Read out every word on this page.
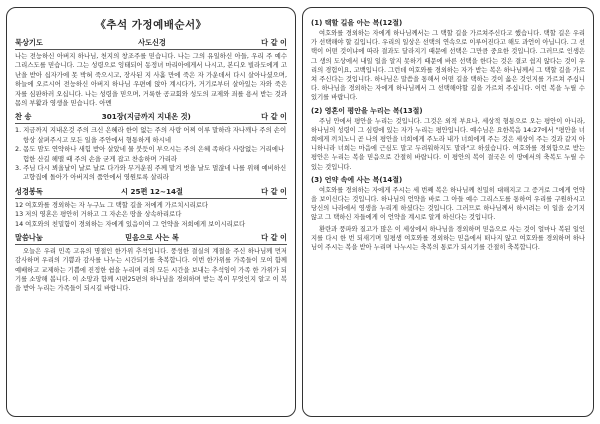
《추석 가정예배순서》
묵상기도	사도신경	다 같 이

나는 전능하신 아버지 하나님, 천지의 창조주를 믿습니다. 나는 그의 유일하신 아들, 우리 주 예수 그리스도를 믿습니다. 그는 성령으로 잉태되어 동정녀 마리아에게서 나시고, 본디오 빌라도에게 고난을 받아 십자가에 못 박혀 죽으시고, 장사된 지 사흘 만에 죽은 자 가운데서 다시 살아나셨으며, 하늘에 오르시어 전능하신 아버지 하나님 우편에 앉아 계시다가, 거기로부터 살아있는 자와 죽은 자를 심판하러 오십니다. 나는 성령을 믿으며, 거룩한 공교회와 성도의 교제와 죄를 용서 받는 것과 몸의 부활과 영생을 믿습니다. 아멘

찬 송	301장(지금까지 지내온 것)	다 같 이
1. 지금까지 지내온것 주의 크신 은혜라 한이 없는 주의 사랑 어찌 이루 말하랴 자나깨나 주의 손이 항상 살펴주시고 모든 일을 주안에서 형통하게 하시네
2. 몸도 맘도 연약하나 새힘 받아 살았네 물 붓듯이 부으시는 주의 은혜 족하다 사랑없는 거리에나 험한 산길 헤맬 때 주의 손을 굳게 잡고 찬송하며 가리라
3. 주님 다시 뵈올날이 날로 날로 다가와 무거운짐 주께 맡겨 벗을 날도 멀잖네 나를 위해 예비하신 고향집에 돌아가 아버지의 품안에서 영원토록 살리라
성경봉독	시 25편 12~14절	다 같 이

12 여호와를 경외하는 자 누구뇨 그 택할 길을 저에게 가르치시리로다

13 저의 영혼은 평안히 거하고 그 자손은 땅을 상속하리로다

14 여호와의 친밀함이 경외하는 자에게 있음이여 그 언약을 저희에게 보이시리로다

말씀나눔	믿음으로 사는 복	다 같 이

오늘은 우리 민족 고유의 명절인 한가위 추석입니다. 풍성한 결실의 계절을 주신 하나님께 먼저 감사하며 우리의 기쁨과 감사를 나누는 시간되기를 축복합니다. 이번 한가위를 가족들이 모여 함께 예배하고 교제하는 기쁨에 진정한 쉼을 누리며 리의 모든 시간을 보내는 추석임이 가족 한 가위가 되기를 소망해 봅니다. 이 소망과 함께 시편25편의 하나님을 경외하며 받는 복이 무엇인지 알고 이 복을 받아 누리는 가족들이 되시길 바랍니다.

(1) 택할 길을 아는 복(12절)

여호와를 경외하는 자에게 하나님께서는 그 택할 길을 가르쳐주신다고 했습니다. 택할 길은 우리가 선택해야 할 길입니다. 우리의 일상은 선택의 연속으로 이루어진다고 해도 과언이 아닙니다. 그 선택이 어떤 것이냐에 따라 결과도 달라지기 때문에 선택은 그만큼 중요한 것입니다. 그러므로 인생은 그 생의 도상에서 내일 일을 알지 못하기 때문에 바른 선택을 한다는 것은 결코 쉽지 않다는 것이 우리의 경험이요, 고백입니다. 그런데 여호와를 경외하는 자가 받는 복은 하나님께서 그 택할 길을 가르쳐 주신다는 것입니다. 하나님은 말씀을 통해서 어떤 길을 택하는 것이 옳은 것인지를 가르쳐 주십니다. 하나님을 경외하는 자에게 하나님께서 그 선택해야할 길을 가르쳐 주십니다. 이런 복을 누릴 수 있기를 바랍니다.

(2) 영혼이 평안을 누리는 복(13절)

주님 안에서 평안을 누리는 것입니다. 그것은 외적 부요나, 세상적 형통으로 오는 평안이 아니라, 하나님의 성령이 그 심령에 있는 자가 누리는 평안입니다. 예수님은 요한복음 14:27에서 "평안을 너희에게 끼치노니 곧 나의 평안을 너희에게 주노라 내가 너희에게 주는 것은 세상이 주는 것과 같지 아니하니라 너희는 마음에 근심도 말고 두려워하지도 말라"고 하셨습니다. 여호와를 경외함으로 받는 평안은 누리는 복을 믿음으로 간절히 바랍니다. 이 평안의 복이 결국은 이 땅에서의 축복도 누릴 수 있는 것입니다.

(3) 언약 속에 사는 복(14절)

여호와를 경외하는 자에게 주시는 세 번째 복은 하나님께 친밀히 대해지고 그 증거로 그에게 언약을 보이신다는 것입니다. 하나님의 언약을 바로 그 아들 예수 그리스도를 통하여 우리를 구원하시고 당신의 나라에서 영생을 누리게 하셨다는 것입니다. 그러므로 하나님께서 하시려는 이 일을 숨기지 않고 그 택하신 자들에게 이 언약을 계시로 알게 하신다는 것입니다.

환란과 풍파와 질고가 많은 이 세상에서 하나님을 경외하며 믿음으로 사는 것이 얼마나 복된 일인지를 다시 한 번 되새기며 일평생 여호와를 경외하는 믿음에서 떠나지 않고 여호와를 경외하며 하나님이 주시는 복을 받아 누리며 나누시는 축복의 통로가 되시기를 간절히 축복합니다.
